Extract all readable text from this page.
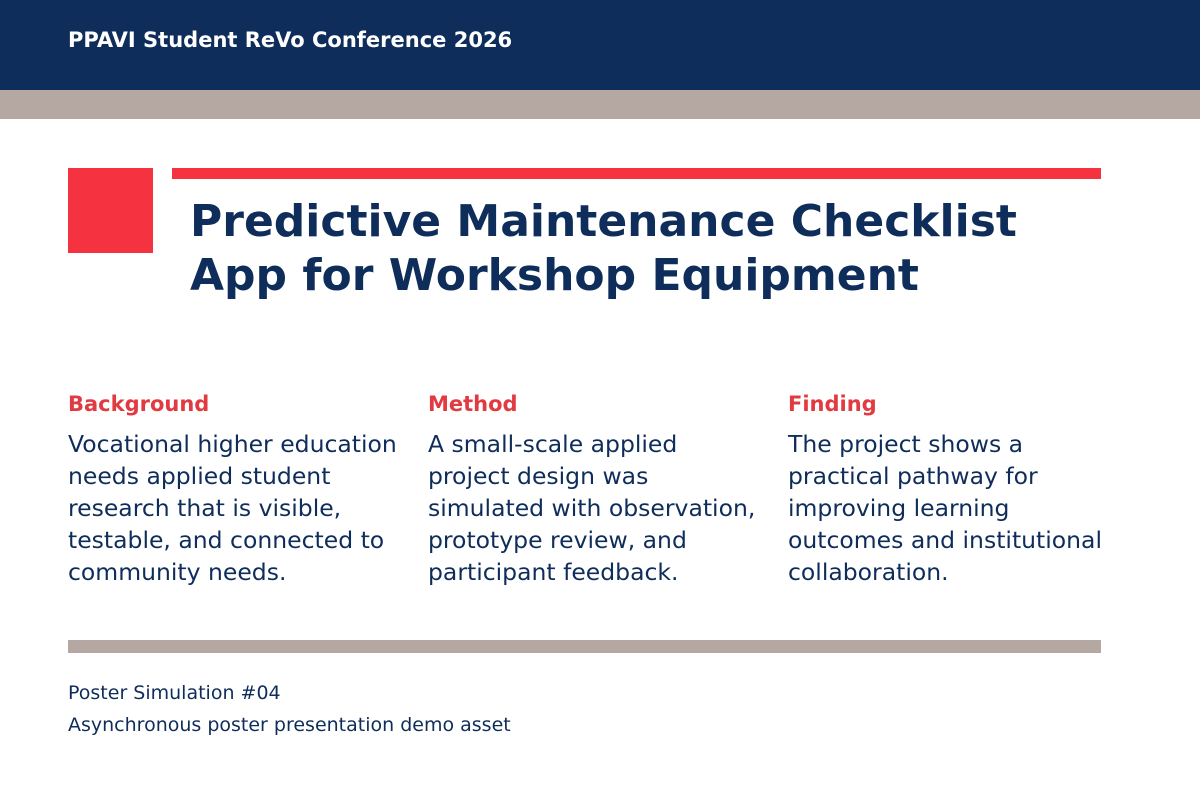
PPAVI Student ReVo Conference 2026
Predictive Maintenance Checklist App for Workshop Equipment
Background

Vocational higher education needs applied student research that is visible, testable, and connected to community needs.

Method

A small-scale applied project design was simulated with observation, prototype review, and participant feedback.

Finding

The project shows a practical pathway for improving learning outcomes and institutional collaboration.

Poster Simulation #04
Asynchronous poster presentation demo asset
